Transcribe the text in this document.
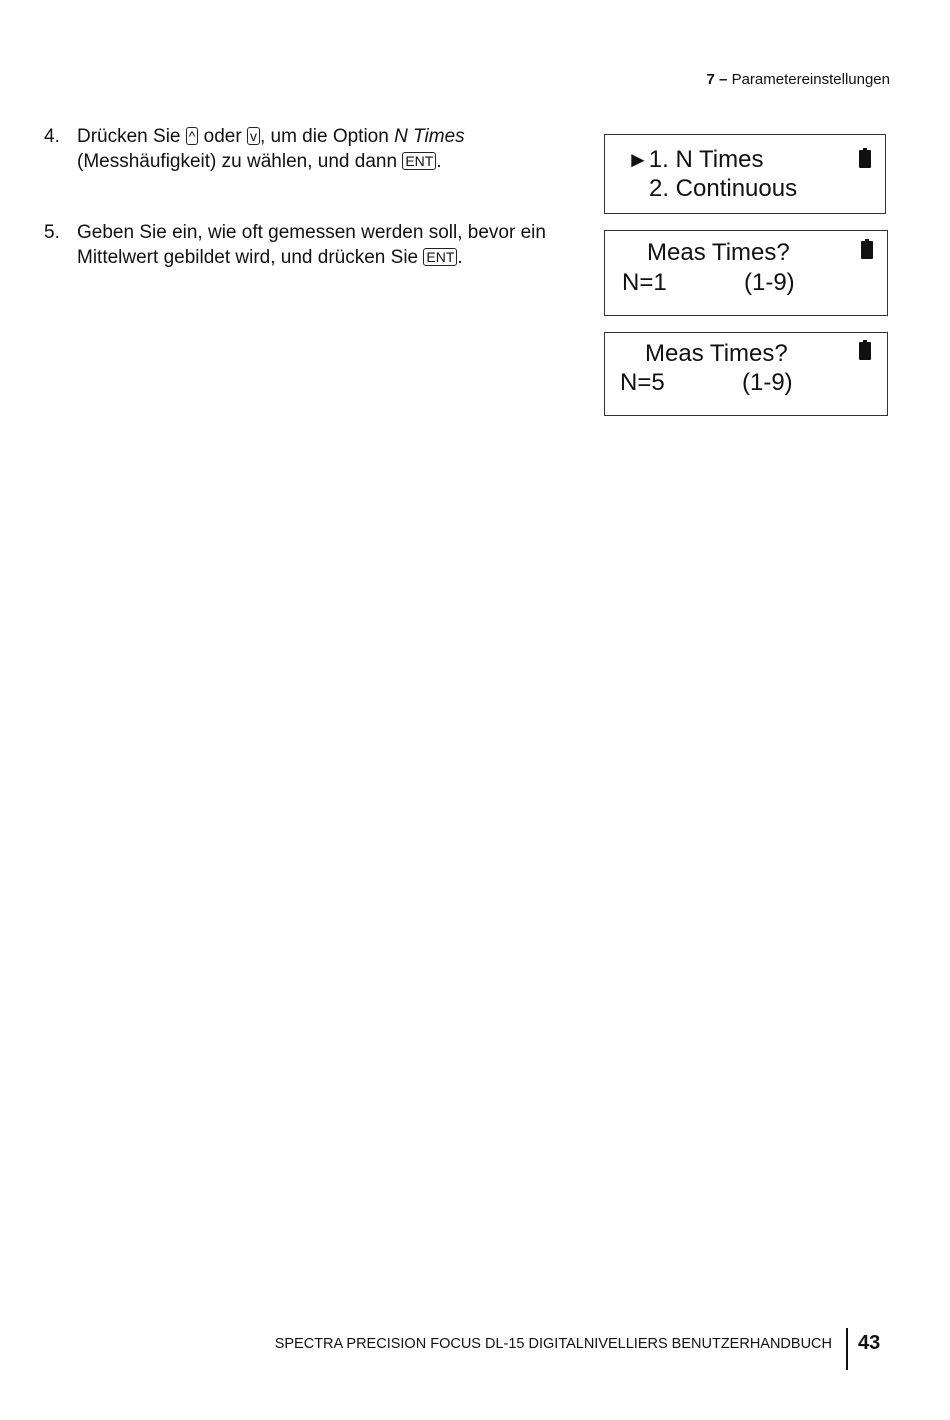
7 – Parametereinstellungen
4. Drücken Sie ^ oder v , um die Option N Times
(Messhäufigkeit) zu wählen, und dann ENT .
5. Geben Sie ein, wie oft gemessen werden soll, bevor ein
Mittelwert gebildet wird, und drücken Sie ENT .
►1. N Times
2. Continuous
Meas Times?
N=1	(1-9)
Meas Times?
N=5	(1-9)
SPECTRA PRECISION FOCUS DL-15 DIGITALNIVELLIERS BENUTZERHANDBUCH 43
